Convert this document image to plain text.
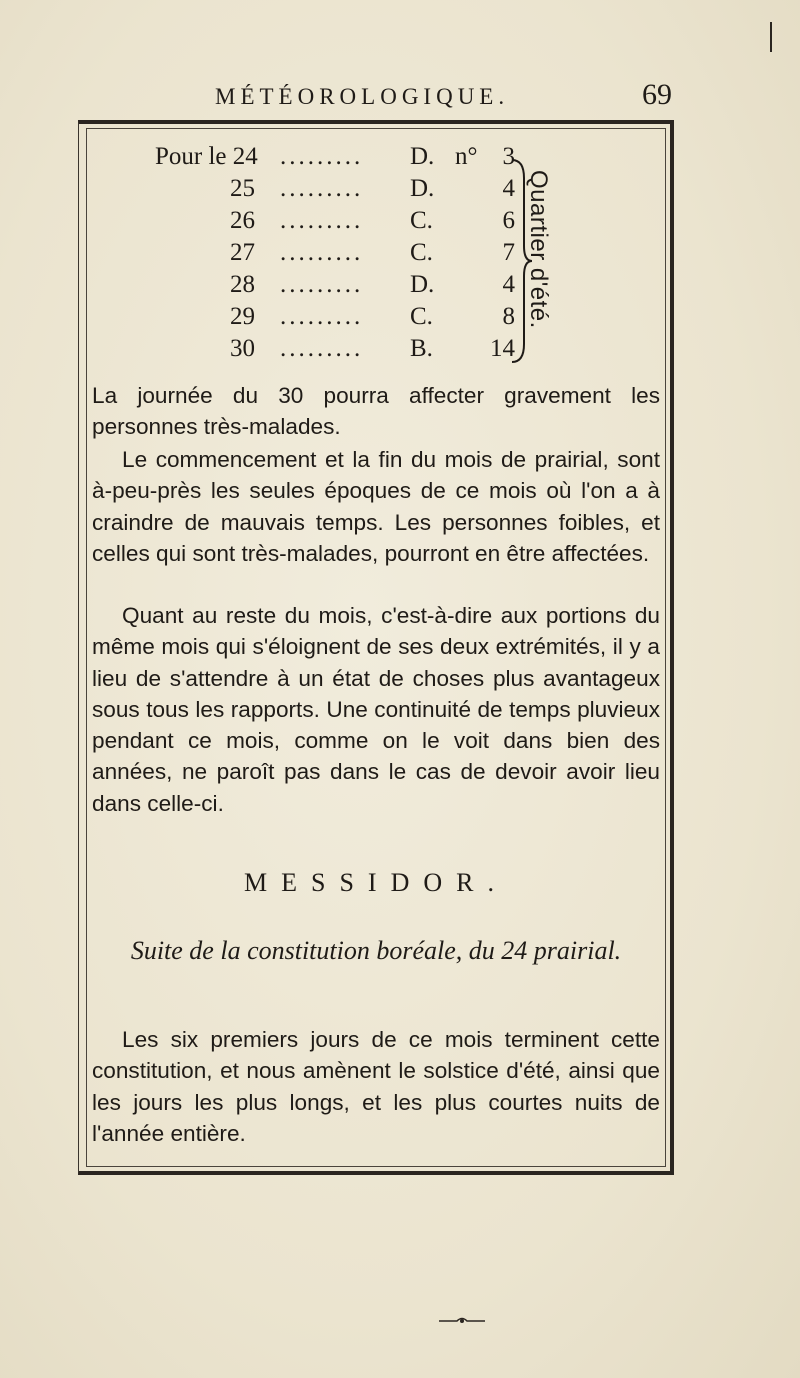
MÉTÉOROLOGIQUE.	69
Pour le 24 ......... D. n°	3
25 ......... D.	4
26 ......... C.	6
27 ......... C.	7
28 ......... D.	4
29 ......... C.	8
30 ......... B. 14
Quartier d'été.
La journée du 30 pourra affecter gravement les personnes très-malades.
Le commencement et la fin du mois de prairial, sont à-peu-près les seules époques de ce mois où l'on a à craindre de mauvais temps. Les personnes foibles, et celles qui sont très-malades, pourront en être affectées.
Quant au reste du mois, c'est-à-dire aux portions du même mois qui s'éloignent de ses deux extrémités, il y a lieu de s'attendre à un état de choses plus avantageux sous tous les rapports. Une continuité de temps pluvieux pendant ce mois, comme on le voit dans bien des années, ne paroît pas dans le cas de devoir avoir lieu dans celle-ci.
MESSIDOR.
Suite de la constitution boréale, du 24 prairial.
Les six premiers jours de ce mois terminent cette constitution, et nous amènent le solstice d'été, ainsi que les jours les plus longs, et les plus courtes nuits de l'année entière.
